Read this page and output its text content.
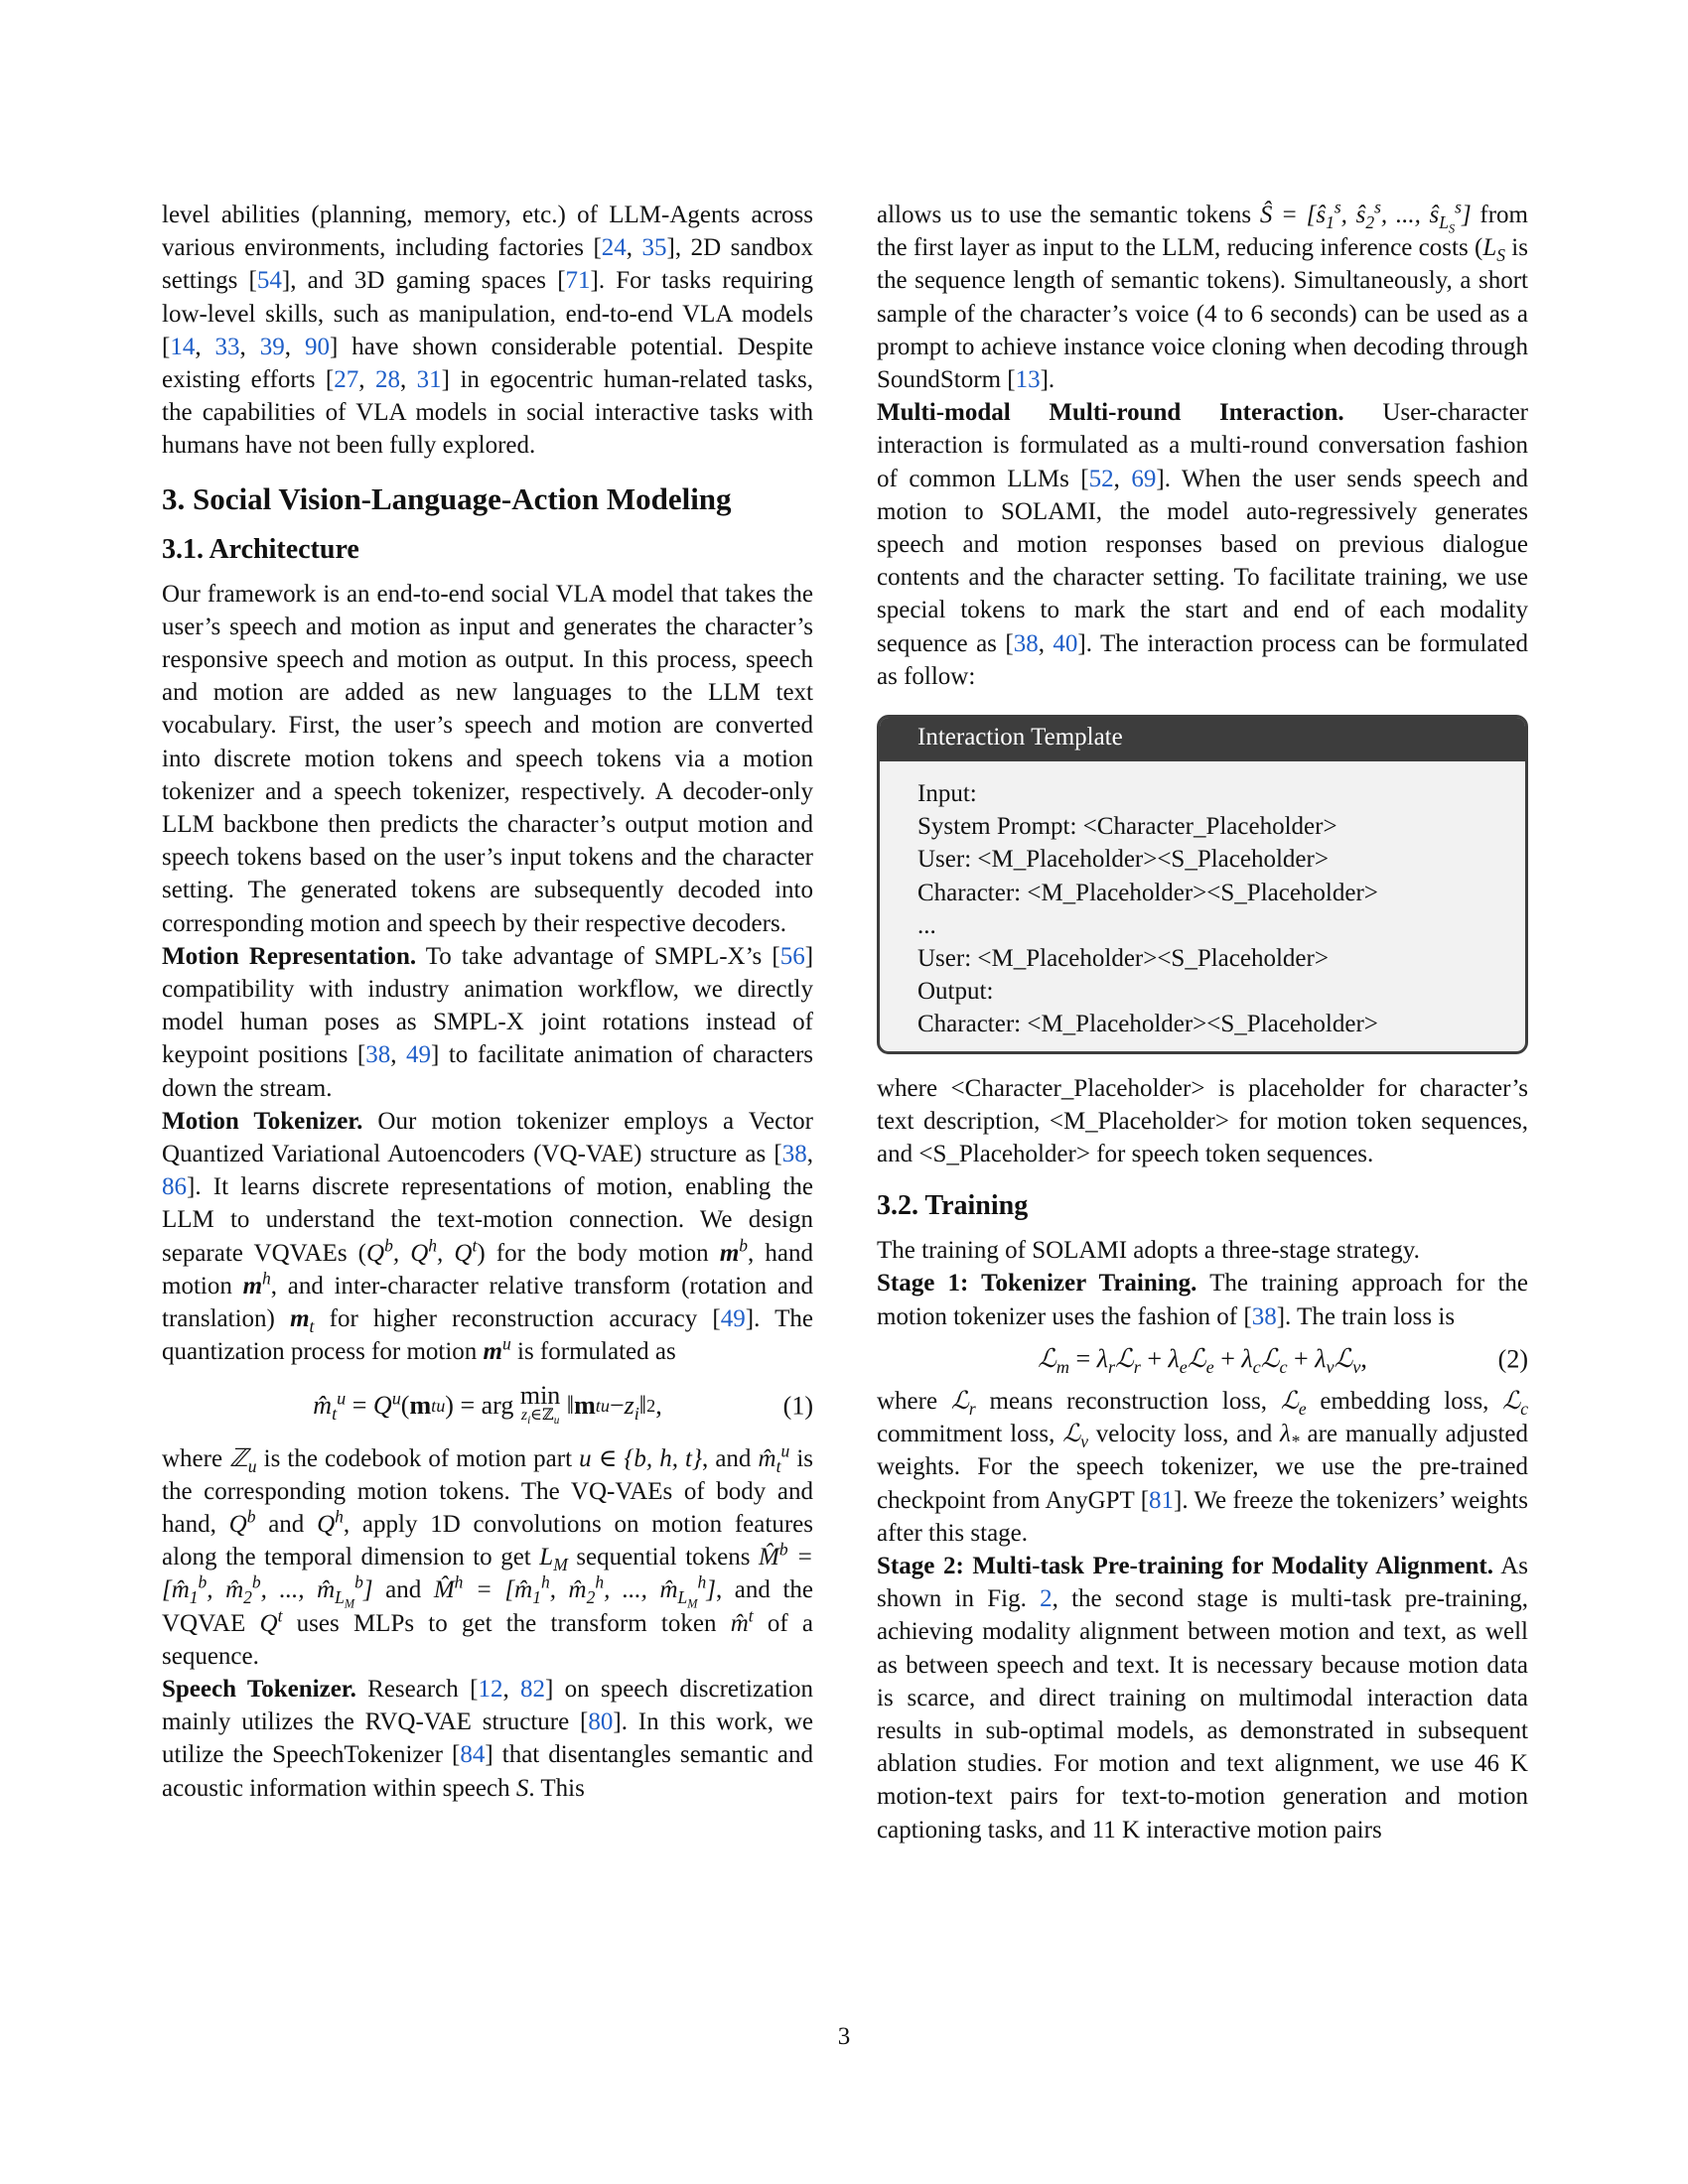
level abilities (planning, memory, etc.) of LLM-Agents across various environments, including factories [24, 35], 2D sandbox settings [54], and 3D gaming spaces [71]. For tasks requiring low-level skills, such as manipulation, end-to-end VLA models [14, 33, 39, 90] have shown considerable potential. Despite existing efforts [27, 28, 31] in egocentric human-related tasks, the capabilities of VLA models in social interactive tasks with humans have not been fully explored.

3. Social Vision-Language-Action Modeling
3.1. Architecture

Our framework is an end-to-end social VLA model that takes the user’s speech and motion as input and generates the character’s responsive speech and motion as output. In this process, speech and motion are added as new languages to the LLM text vocabulary. First, the user’s speech and motion are converted into discrete motion tokens and speech tokens via a motion tokenizer and a speech tokenizer, respectively. A decoder-only LLM backbone then predicts the character’s output motion and speech tokens based on the user’s input tokens and the character setting. The generated tokens are subsequently decoded into corresponding motion and speech by their respective decoders.

Motion Representation. To take advantage of SMPL-X’s [56] compatibility with industry animation workflow, we directly model human poses as SMPL-X joint rotations instead of keypoint positions [38, 49] to facilitate animation of characters down the stream.

Motion Tokenizer. Our motion tokenizer employs a Vector Quantized Variational Autoencoders (VQ-VAE) structure as [38, 86]. It learns discrete representations of motion, enabling the LLM to understand the text-motion connection. We design separate VQVAEs ($Q^b$, $Q^h$, $Q^t$) for the body motion $m^b$, hand motion $m^h$, and inter-character relative transform (rotation and translation) $m_t$ for higher reconstruction accuracy [49]. The quantization process for motion $m^u$ is formulated as

$m̂_t^u = Q^u$ ( m t u ) = arg min
$z_i\in ℤ_u$
‖ m t $u - z_i$ ‖ 2 ,	(1)

where ℤ$_u$ is the codebook of motion part u ∈ {b, h, t}, and $m̂_t^u$ is the corresponding motion tokens. The VQ-VAEs of body and hand, $Q^b$ and $Q^h$, apply 1D convolutions on motion features along the temporal dimension to get $L_M$ sequential tokens M̂$^b$ = [$m̂_1^b$, $m̂_2^b$, ..., $m̂_{L_M}^b$] and M̂$^h$ = [$m̂_1^h$, $m̂_2^h$, ..., $m̂_{L_M}^h$], and the VQVAE $Q^t$ uses MLPs to get the transform token m̂$^t$ of a sequence.

Speech Tokenizer. Research [12, 82] on speech discretization mainly utilizes the RVQ-VAE structure [80]. In this work, we utilize the SpeechTokenizer [84] that disentangles semantic and acoustic information within speech S. This

allows us to use the semantic tokens Ŝ = [$ŝ_1^s$, $ŝ_2^s$, ..., $ŝ_{L_S}^s$] from the first layer as input to the LLM, reducing inference costs ($L_S$ is the sequence length of semantic tokens). Simultaneously, a short sample of the character’s voice (4 to 6 seconds) can be used as a prompt to achieve instance voice cloning when decoding through SoundStorm [13].

Multi-modal Multi-round Interaction. User-character interaction is formulated as a multi-round conversation fashion of common LLMs [52, 69]. When the user sends speech and motion to SOLAMI, the model auto-regressively generates speech and motion responses based on previous dialogue contents and the character setting. To facilitate training, we use special tokens to mark the start and end of each modality sequence as [38, 40]. The interaction process can be formulated as follow:

Interaction Template
Input:
System Prompt: <Character_Placeholder>
User: <M_Placeholder><S_Placeholder>
Character: <M_Placeholder><S_Placeholder>
...
User: <M_Placeholder><S_Placeholder>
Output:
Character: <M_Placeholder><S_Placeholder>

where <Character_Placeholder> is placeholder for character’s text description, <M_Placeholder> for motion token sequences, and <S_Placeholder> for speech token sequences.

3.2. Training

The training of SOLAMI adopts a three-stage strategy.

Stage 1: Tokenizer Training. The training approach for the motion tokenizer uses the fashion of [38]. The train loss is

ℒ$_m$ = $\lambda_rℒ_r$ + $\lambda_eℒ_e$ + $\lambda_cℒ_c$ + $\lambda_vℒ_v$,	(2)

where ℒ$_r$ means reconstruction loss, ℒ$_e$ embedding loss, ℒ$_c$ commitment loss, ℒ$_v$ velocity loss, and $\lambda_*$ are manually adjusted weights. For the speech tokenizer, we use the pre-trained checkpoint from AnyGPT [81]. We freeze the tokenizers’ weights after this stage.

Stage 2: Multi-task Pre-training for Modality Alignment. As shown in Fig. 2, the second stage is multi-task pre-training, achieving modality alignment between motion and text, as well as between speech and text. It is necessary because motion data is scarce, and direct training on multimodal interaction data results in sub-optimal models, as demonstrated in subsequent ablation studies. For motion and text alignment, we use 46 K motion-text pairs for text-to-motion generation and motion captioning tasks, and 11 K interactive motion pairs

3
